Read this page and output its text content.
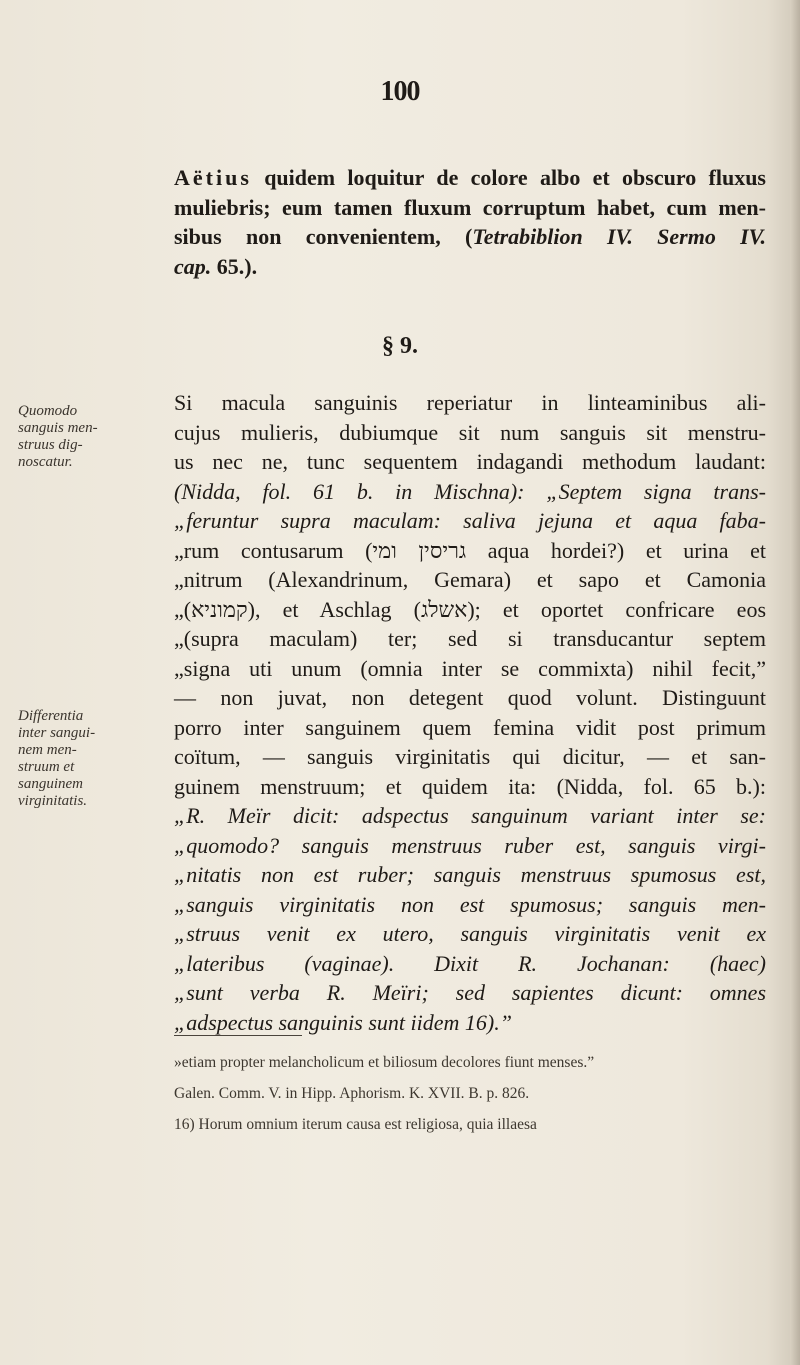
100
Aëtius quidem loquitur de colore albo et obscuro fluxus
muliebris; eum tamen fluxum corruptum habet, cum men-
sibus non convenientem, (Tetrabiblion IV. Sermo IV.
cap. 65.).
§ 9.
Quomodo
sanguis men-
struus dig-
noscatur.
Differentia
inter sangui-
nem men-
struum et
sanguinem
virginitatis.
Si macula sanguinis reperiatur in linteaminibus ali-
cujus mulieris, dubiumque sit num sanguis sit menstru-
us nec ne, tunc sequentem indagandi methodum laudant:
(Nidda, fol. 61 b. in Mischna): „Septem signa trans-
„feruntur supra maculam: saliva jejuna et aqua faba-
„rum contusarum (גריסין ומי aqua hordei?) et urina et
„nitrum (Alexandrinum, Gemara) et sapo et Camonia
„(קמוניא), et Aschlag (אשלג); et oportet confricare eos
„(supra maculam) ter; sed si transducantur septem
„signa uti unum (omnia inter se commixta) nihil fecit,”
— non juvat, non detegent quod volunt. Distinguunt
porro inter sanguinem quem femina vidit post primum
coïtum, — sanguis virginitatis qui dicitur, — et san-
guinem menstruum; et quidem ita: (Nidda, fol. 65 b.):
„R. Meïr dicit: adspectus sanguinum variant inter se:
„quomodo? sanguis menstruus ruber est, sanguis virgi-
„nitatis non est ruber; sanguis menstruus spumosus est,
„sanguis virginitatis non est spumosus; sanguis men-
„struus venit ex utero, sanguis virginitatis venit ex
„lateribus (vaginae). Dixit R. Jochanan: (haec)
„sunt verba R. Meïri; sed sapientes dicunt: omnes
„adspectus sanguinis sunt iidem 16).”
»etiam propter melancholicum et biliosum decolores fiunt menses.”
Galen. Comm. V. in Hipp. Aphorism. K. XVII. B. p. 826.
16) Horum omnium iterum causa est religiosa, quia illaesa
